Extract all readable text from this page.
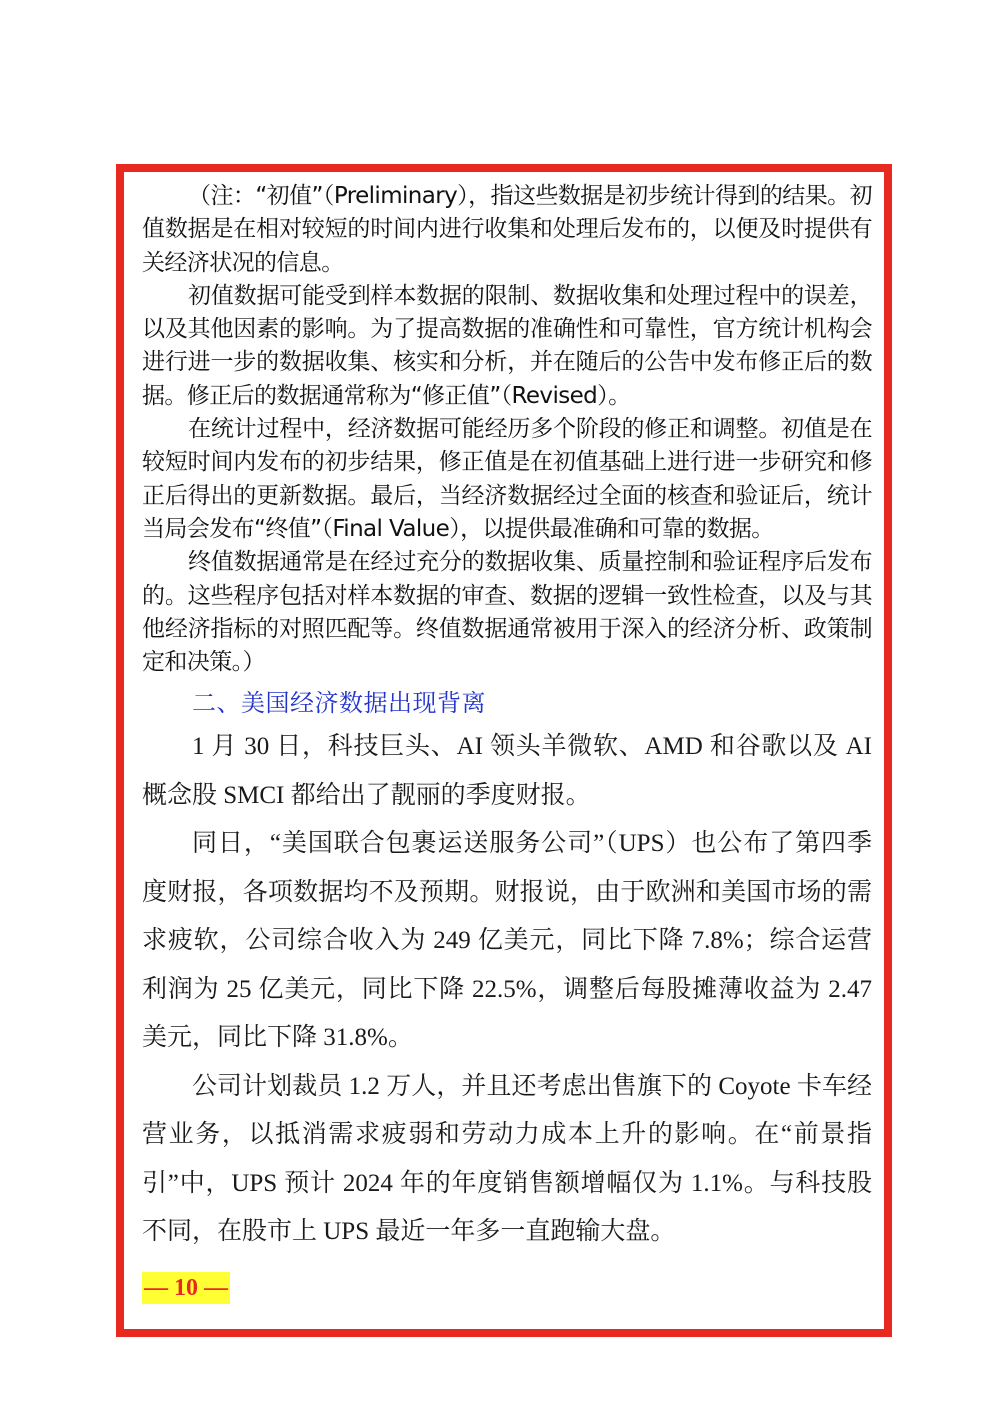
（注：“初值”（Preliminary），指这些数据是初步统计得到的结果。初值数据是在相对较短的时间内进行收集和处理后发布的，以便及时提供有关经济状况的信息。

初值数据可能受到样本数据的限制、数据收集和处理过程中的误差，以及其他因素的影响。为了提高数据的准确性和可靠性，官方统计机构会进行进一步的数据收集、核实和分析，并在随后的公告中发布修正后的数据。修正后的数据通常称为“修正值”（Revised）。

在统计过程中，经济数据可能经历多个阶段的修正和调整。初值是在较短时间内发布的初步结果，修正值是在初值基础上进行进一步研究和修正后得出的更新数据。最后，当经济数据经过全面的核查和验证后，统计当局会发布“终值”（Final Value），以提供最准确和可靠的数据。

终值数据通常是在经过充分的数据收集、质量控制和验证程序后发布的。这些程序包括对样本数据的审查、数据的逻辑一致性检查，以及与其他经济指标的对照匹配等。终值数据通常被用于深入的经济分析、政策制定和决策。）

二、美国经济数据出现背离

1 月 30 日，科技巨头、AI 领头羊微软、AMD 和谷歌以及 AI 概念股 SMCI 都给出了靓丽的季度财报。

同日，“美国联合包裹运送服务公司”（UPS）也公布了第四季度财报，各项数据均不及预期。财报说，由于欧洲和美国市场的需求疲软，公司综合收入为 249 亿美元，同比下降 7.8%；综合运营利润为 25 亿美元，同比下降 22.5%，调整后每股摊薄收益为 2.47 美元，同比下降 31.8%。

公司计划裁员 1.2 万人，并且还考虑出售旗下的 Coyote 卡车经营业务，以抵消需求疲弱和劳动力成本上升的影响。在“前景指引”中，UPS 预计 2024 年的年度销售额增幅仅为 1.1%。与科技股不同，在股市上 UPS 最近一年多一直跑输大盘。

— 10 —
